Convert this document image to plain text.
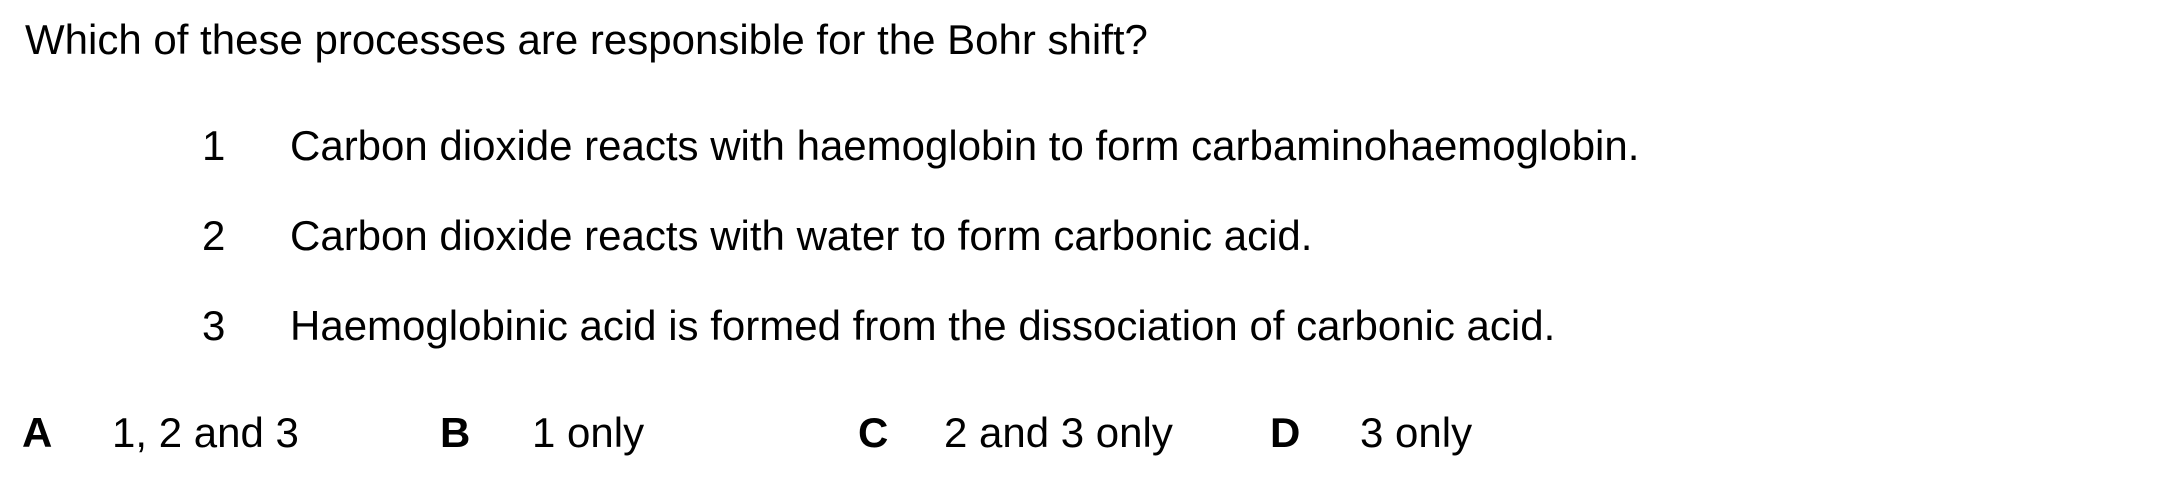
Which of these processes are responsible for the Bohr shift?
1 Carbon dioxide reacts with haemoglobin to form carbaminohaemoglobin.
2 Carbon dioxide reacts with water to form carbonic acid.
3 Haemoglobinic acid is formed from the dissociation of carbonic acid.
A 1, 2 and 3	B 1 only	C 2 and 3 only D 3 only
